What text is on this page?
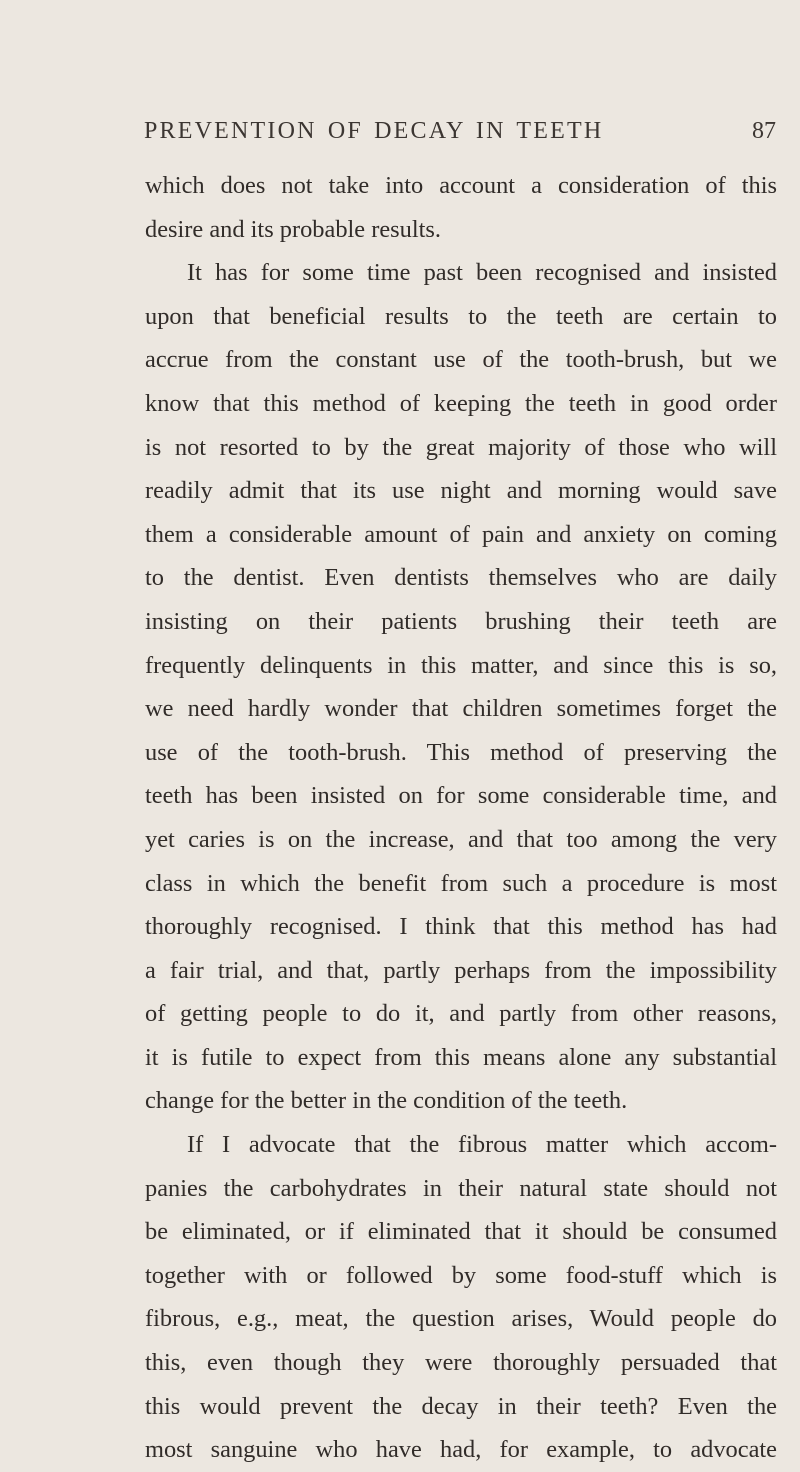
PREVENTION OF DECAY IN TEETH	87
which does not take into account a consideration of this
desire and its probable results.
It has for some time past been recognised and insisted
upon that beneficial results to the teeth are certain to
accrue from the constant use of the tooth-brush, but we
know that this method of keeping the teeth in good order
is not resorted to by the great majority of those who will
readily admit that its use night and morning would save
them a considerable amount of pain and anxiety on coming
to the dentist. Even dentists themselves who are daily
insisting on their patients brushing their teeth are
frequently delinquents in this matter, and since this is so,
we need hardly wonder that children sometimes forget the
use of the tooth-brush. This method of preserving the
teeth has been insisted on for some considerable time, and
yet caries is on the increase, and that too among the very
class in which the benefit from such a procedure is most
thoroughly recognised. I think that this method has had
a fair trial, and that, partly perhaps from the impossibility
of getting people to do it, and partly from other reasons,
it is futile to expect from this means alone any substantial
change for the better in the condition of the teeth.
If I advocate that the fibrous matter which accom-
panies the carbohydrates in their natural state should not
be eliminated, or if eliminated that it should be consumed
together with or followed by some food-stuff which is
fibrous, e.g., meat, the question arises, Would people do
this, even though they were thoroughly persuaded that
this would prevent the decay in their teeth? Even the
most sanguine who have had, for example, to advocate
